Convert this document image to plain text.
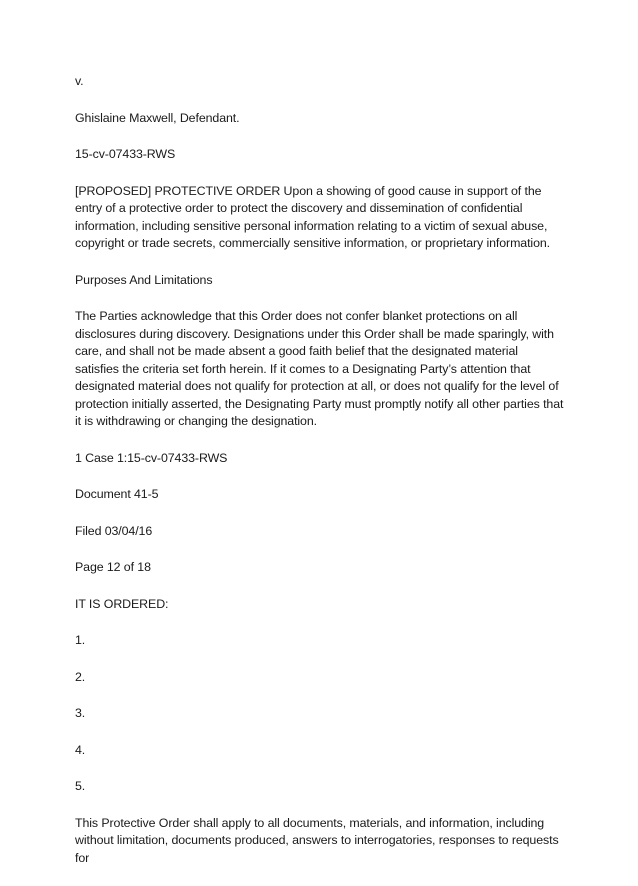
v.

Ghislaine Maxwell, Defendant.

15-cv-07433-RWS

[PROPOSED] PROTECTIVE ORDER Upon a showing of good cause in support of the entry of a protective order to protect the discovery and dissemination of confidential information, including sensitive personal information relating to a victim of sexual abuse, copyright or trade secrets, commercially sensitive information, or proprietary information.

Purposes And Limitations

The Parties acknowledge that this Order does not confer blanket protections on all disclosures during discovery. Designations under this Order shall be made sparingly, with care, and shall not be made absent a good faith belief that the designated material satisfies the criteria set forth herein. If it comes to a Designating Party’s attention that designated material does not qualify for protection at all, or does not qualify for the level of protection initially asserted, the Designating Party must promptly notify all other parties that it is withdrawing or changing the designation.

1 Case 1:15-cv-07433-RWS

Document 41-5

Filed 03/04/16

Page 12 of 18

IT IS ORDERED:

1.

2.

3.

4.

5.

This Protective Order shall apply to all documents, materials, and information, including without limitation, documents produced, answers to interrogatories, responses to requests for
